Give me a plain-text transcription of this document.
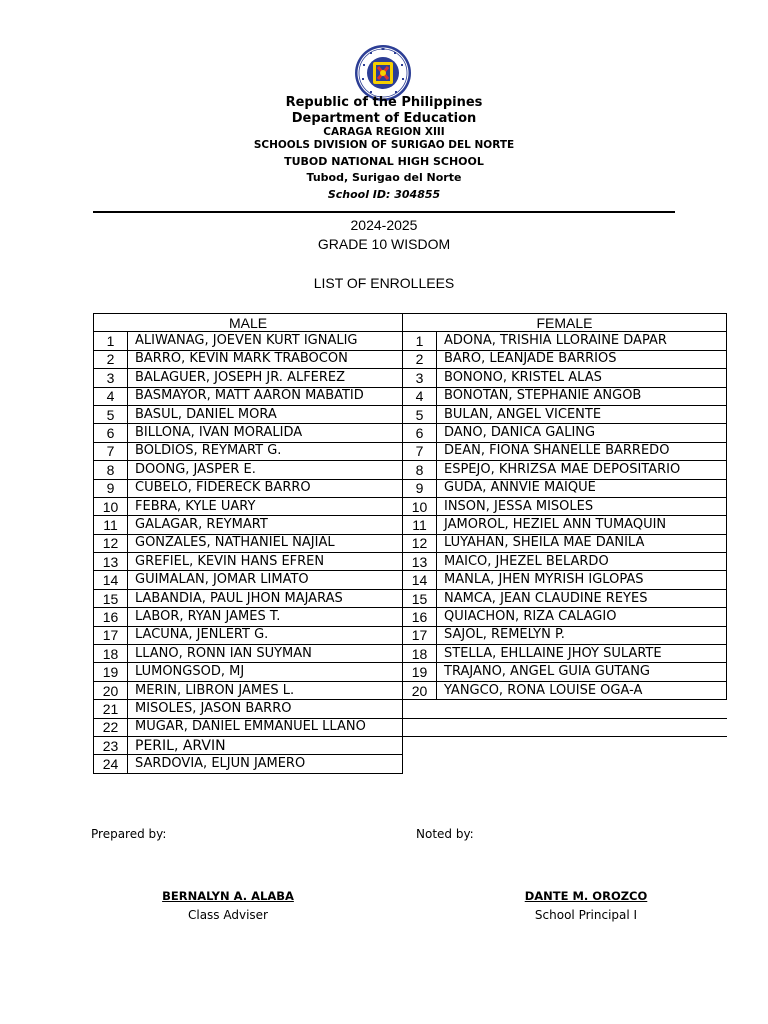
Republic of the Philippines
Department of Education
CARAGA REGION XIII
SCHOOLS DIVISION OF SURIGAO DEL NORTE
TUBOD NATIONAL HIGH SCHOOL
Tubod, Surigao del Norte
School ID: 304855
2024-2025
GRADE 10 WISDOM
LIST OF ENROLLEES
MALE		FEMALE	
1	ALIWANAG, JOEVEN KURT IGNALIG	1	ADONA, TRISHIA LLORAINE DAPAR
2	BARRO, KEVIN MARK TRABOCON	2	BARO, LEANJADE BARRIOS
3	BALAGUER, JOSEPH JR. ALFEREZ	3	BONONO, KRISTEL ALAS
4	BASMAYOR, MATT AARON MABATID	4	BONOTAN, STEPHANIE ANGOB
5	BASUL, DANIEL MORA	5	BULAN, ANGEL VICENTE
6	BILLONA, IVAN MORALIDA	6	DANO, DANICA GALING
7	BOLDIOS, REYMART G.	7	DEAN, FIONA SHANELLE BARREDO
8	DOONG, JASPER E.	8	ESPEJO, KHRIZSA MAE DEPOSITARIO
9	CUBELO, FIDERECK BARRO	9	GUDA, ANNVIE MAIQUE
10	FEBRA, KYLE UARY	10	INSON, JESSA MISOLES
11	GALAGAR, REYMART	11	JAMOROL, HEZIEL ANN TUMAQUIN
12	GONZALES, NATHANIEL NAJIAL	12	LUYAHAN, SHEILA MAE DANILA
13	GREFIEL, KEVIN HANS EFREN	13	MAICO, JHEZEL BELARDO
14	GUIMALAN, JOMAR LIMATO	14	MANLA, JHEN MYRISH IGLOPAS
15	LABANDIA, PAUL JHON MAJARAS	15	NAMCA, JEAN CLAUDINE REYES
16	LABOR, RYAN JAMES T.	16	QUIACHON, RIZA CALAGIO
17	LACUNA, JENLERT G.	17	SAJOL, REMELYN P.
18	LLANO, RONN IAN SUYMAN	18	STELLA, EHLLAINE JHOY SULARTE
19	LUMONGSOD, MJ	19	TRAJANO, ANGEL GUIA GUTANG
20	MERIN, LIBRON JAMES L.	20	YANGCO, RONA LOUISE OGA-A
21	MISOLES, JASON BARRO		
22	MUGAR, DANIEL EMMANUEL LLANO		
23	PERIL, ARVIN		
24	SARDOVIA, ELJUN JAMERO		
Prepared by:	Noted by:
BERNALYN A. ALABA	DANTE M. OROZCO
Class Adviser	School Principal I
